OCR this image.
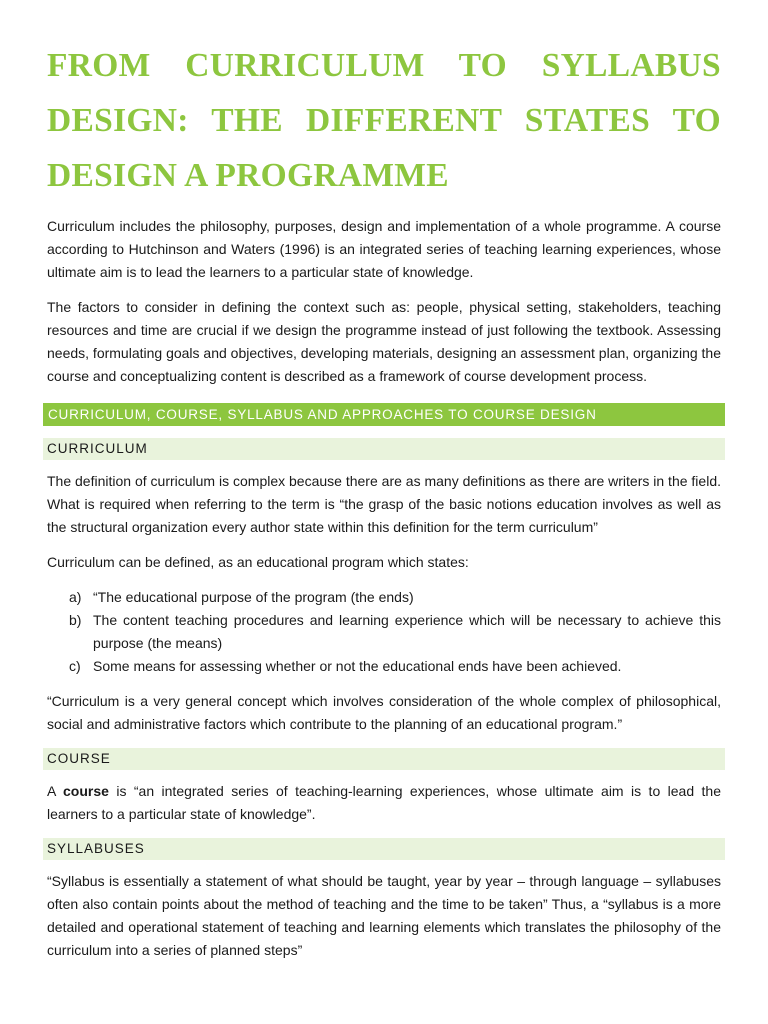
FROM CURRICULUM TO SYLLABUS
DESIGN: THE DIFFERENT STATES TO
DESIGN A PROGRAMME

Curriculum includes the philosophy, purposes, design and implementation of a whole programme. A course according to Hutchinson and Waters (1996) is an integrated series of teaching learning experiences, whose ultimate aim is to lead the learners to a particular state of knowledge.

The factors to consider in defining the context such as: people, physical setting, stakeholders, teaching resources and time are crucial if we design the programme instead of just following the textbook. Assessing needs, formulating goals and objectives, developing materials, designing an assessment plan, organizing the course and conceptualizing content is described as a framework of course development process.

CURRICULUM, COURSE, SYLLABUS AND APPROACHES TO COURSE DESIGN
CURRICULUM

The definition of curriculum is complex because there are as many definitions as there are writers in the field. What is required when referring to the term is “the grasp of the basic notions education involves as well as the structural organization every author state within this definition for the term curriculum”

Curriculum can be defined, as an educational program which states:

a) “The educational purpose of the program (the ends)
b) The content teaching procedures and learning experience which will be necessary to achieve this purpose (the means)
c) Some means for assessing whether or not the educational ends have been achieved.

“Curriculum is a very general concept which involves consideration of the whole complex of philosophical, social and administrative factors which contribute to the planning of an educational program.”

COURSE

A course is “an integrated series of teaching-learning experiences, whose ultimate aim is to lead the learners to a particular state of knowledge”.

SYLLABUSES

“Syllabus is essentially a statement of what should be taught, year by year – through language – syllabuses often also contain points about the method of teaching and the time to be taken” Thus, a “syllabus is a more detailed and operational statement of teaching and learning elements which translates the philosophy of the curriculum into a series of planned steps”
